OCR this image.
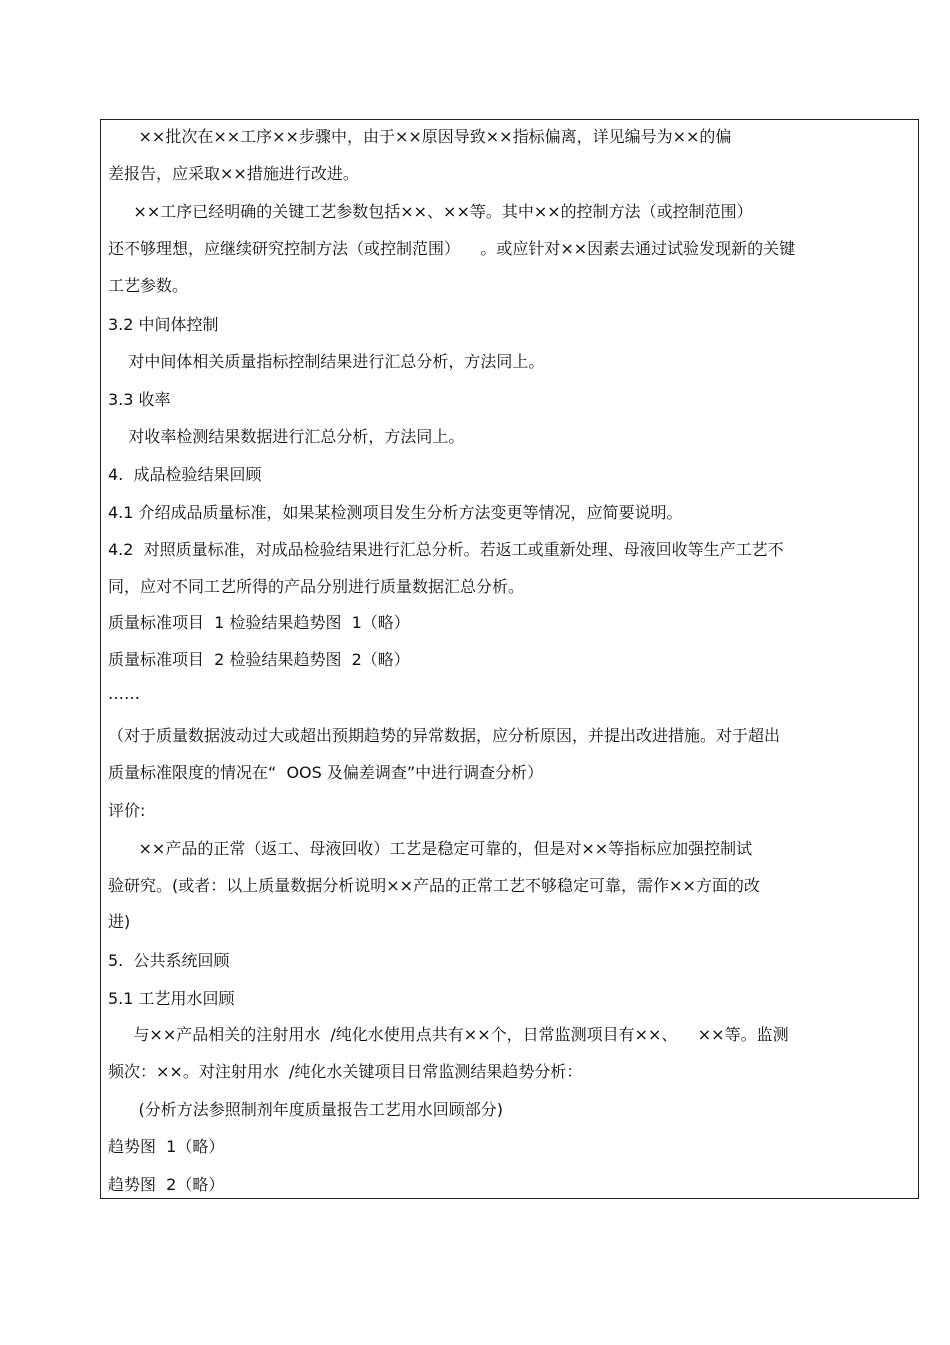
××批次在××工序××步骤中，由于××原因导致××指标偏离，详见编号为××的偏

差报告，应采取××措施进行改进。

××工序已经明确的关键工艺参数包括××、××等。其中××的控制方法（或控制范围）

还不够理想，应继续研究控制方法（或控制范围）    。或应针对××因素去通过试验发现新的关键

工艺参数。

3.2 中间体控制

对中间体相关质量指标控制结果进行汇总分析，方法同上。

3.3 收率

对收率检测结果数据进行汇总分析，方法同上。

4.  成品检验结果回顾

4.1 介绍成品质量标准，如果某检测项目发生分析方法变更等情况，应简要说明。

4.2  对照质量标准，对成品检验结果进行汇总分析。若返工或重新处理、母液回收等生产工艺不

同，应对不同工艺所得的产品分别进行质量数据汇总分析。

质量标准项目  1 检验结果趋势图  1（略）

质量标准项目  2 检验结果趋势图  2（略）

……

（对于质量数据波动过大或超出预期趋势的异常数据，应分析原因，并提出改进措施。对于超出

质量标准限度的情况在“  OOS 及偏差调查”中进行调查分析）

评价:

××产品的正常（返工、母液回收）工艺是稳定可靠的，但是对××等指标应加强控制试

验研究。(或者：以上质量数据分析说明××产品的正常工艺不够稳定可靠，需作××方面的改

进)

5.  公共系统回顾

5.1 工艺用水回顾

与××产品相关的注射用水  /纯化水使用点共有××个，日常监测项目有××、    ××等。监测

频次：××。对注射用水  /纯化水关键项目日常监测结果趋势分析：

(分析方法参照制剂年度质量报告工艺用水回顾部分)

趋势图  1（略）

趋势图  2（略）
